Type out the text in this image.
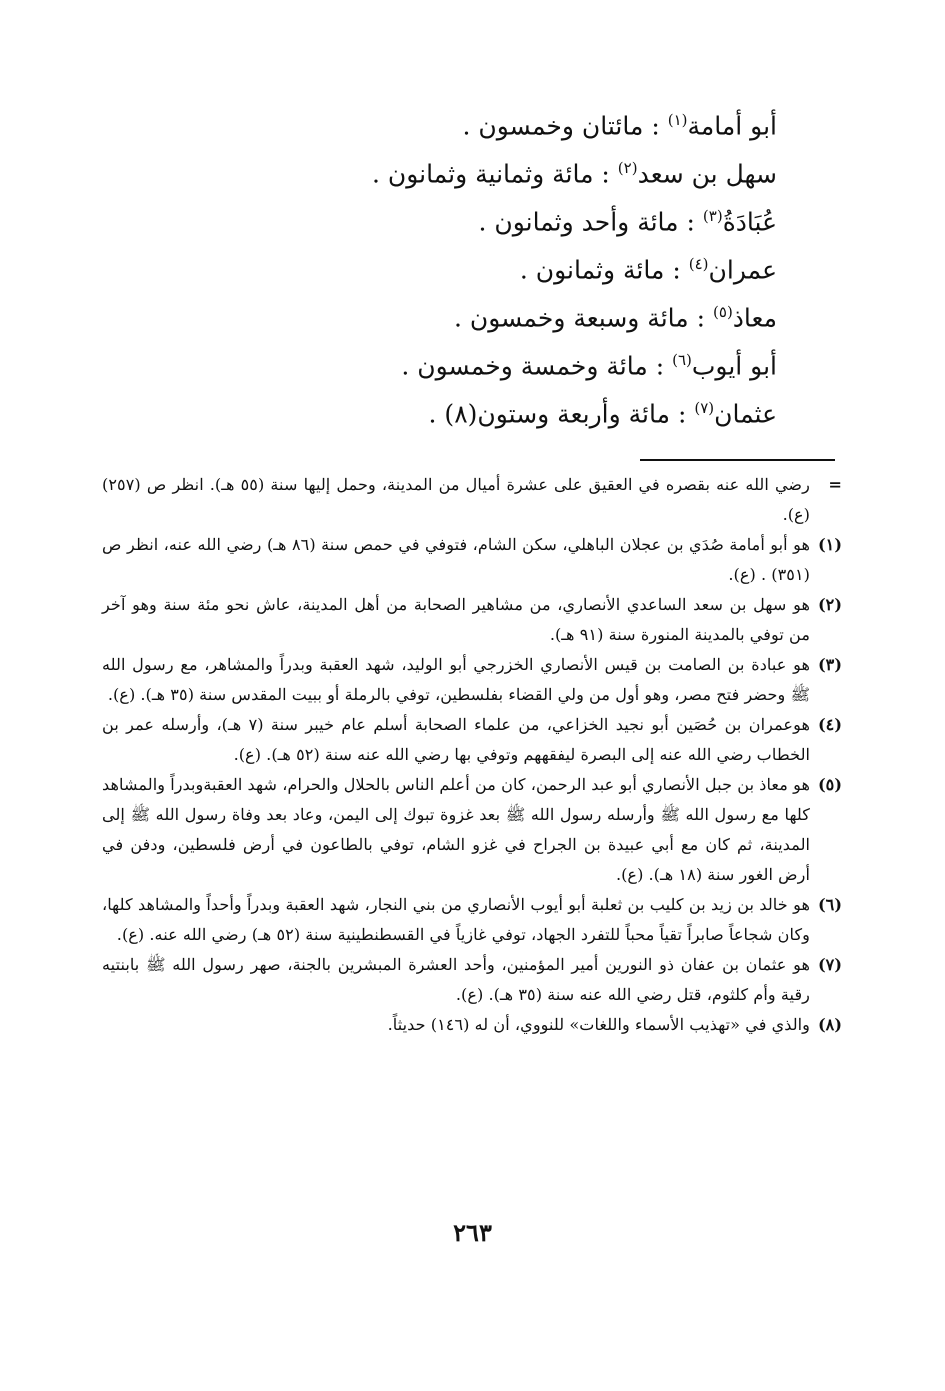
أبو أمامة$^{(١)}$ : مائتان وخمسون .
سهل بن سعد$^{(٢)}$ : مائة وثمانية وثمانون .
عُبَادَةُ$^{(٣)}$ : مائة وأحد وثمانون .
عمران$^{(٤)}$ : مائة وثمانون .
معاذ$^{(٥)}$ : مائة وسبعة وخمسون .
أبو أيوب$^{(٦)}$ : مائة وخمسة وخمسون .
عثمان$^{(٧)}$ : مائة وأربعة وستون(٨) .

=
رضي الله عنه بقصره في العقيق على عشرة أميال من المدينة، وحمل إليها سنة (٥٥ هـ). انظر ص (٢٥٧) (ع).

(١)
هو أبو أمامة صُدَي بن عجلان الباهلي، سكن الشام، فتوفي في حمص سنة (٨٦ هـ) رضي الله عنه، انظر ص (٣٥١) . (ع).

(٢)
هو سهل بن سعد الساعدي الأنصاري، من مشاهير الصحابة من أهل المدينة، عاش نحو مئة سنة وهو آخر من توفي بالمدينة المنورة سنة (٩١ هـ).

(٣)
هو عبادة بن الصامت بن قيس الأنصاري الخزرجي أبو الوليد، شهد العقبة وبدراً والمشاهر، مع رسول الله ﷺ وحضر فتح مصر، وهو أول من ولي القضاء بفلسطين، توفي بالرملة أو ببيت المقدس سنة (٣٥ هـ). (ع).

(٤)
هوعمران بن حُصَين أبو نجيد الخزاعي، من علماء الصحابة أسلم عام خيبر سنة (٧ هـ)، وأرسله عمر بن الخطاب رضي الله عنه إلى البصرة ليفقههم وتوفي بها رضي الله عنه سنة (٥٢ هـ). (ع).

(٥)
هو معاذ بن جبل الأنصاري أبو عبد الرحمن، كان من أعلم الناس بالحلال والحرام، شهد العقبةوبدراً والمشاهد كلها مع رسول الله ﷺ وأرسله رسول الله ﷺ بعد غزوة تبوك إلى اليمن، وعاد بعد وفاة رسول الله ﷺ إلى المدينة، ثم كان مع أبي عبيدة بن الجراح في غزو الشام، توفي بالطاعون في أرض فلسطين، ودفن في أرض الغور سنة (١٨ هـ). (ع).

(٦)
هو خالد بن زيد بن كليب بن ثعلبة أبو أيوب الأنصاري من بني النجار، شهد العقبة وبدراً وأحداً والمشاهد كلها، وكان شجاعاً صابراً تقياً محباً للتفرد الجهاد، توفي غازياً في القسطنطينية سنة (٥٢ هـ) رضي الله عنه. (ع).

(٧)
هو عثمان بن عفان ذو النورين أمير المؤمنين، وأحد العشرة المبشرين بالجنة، صهر رسول الله ﷺ بابنتيه رقية وأم كلثوم، قتل رضي الله عنه سنة (٣٥ هـ). (ع).

(٨)
والذي في «تهذيب الأسماء واللغات» للنووي، أن له (١٤٦) حديثاً.

٢٦٣
